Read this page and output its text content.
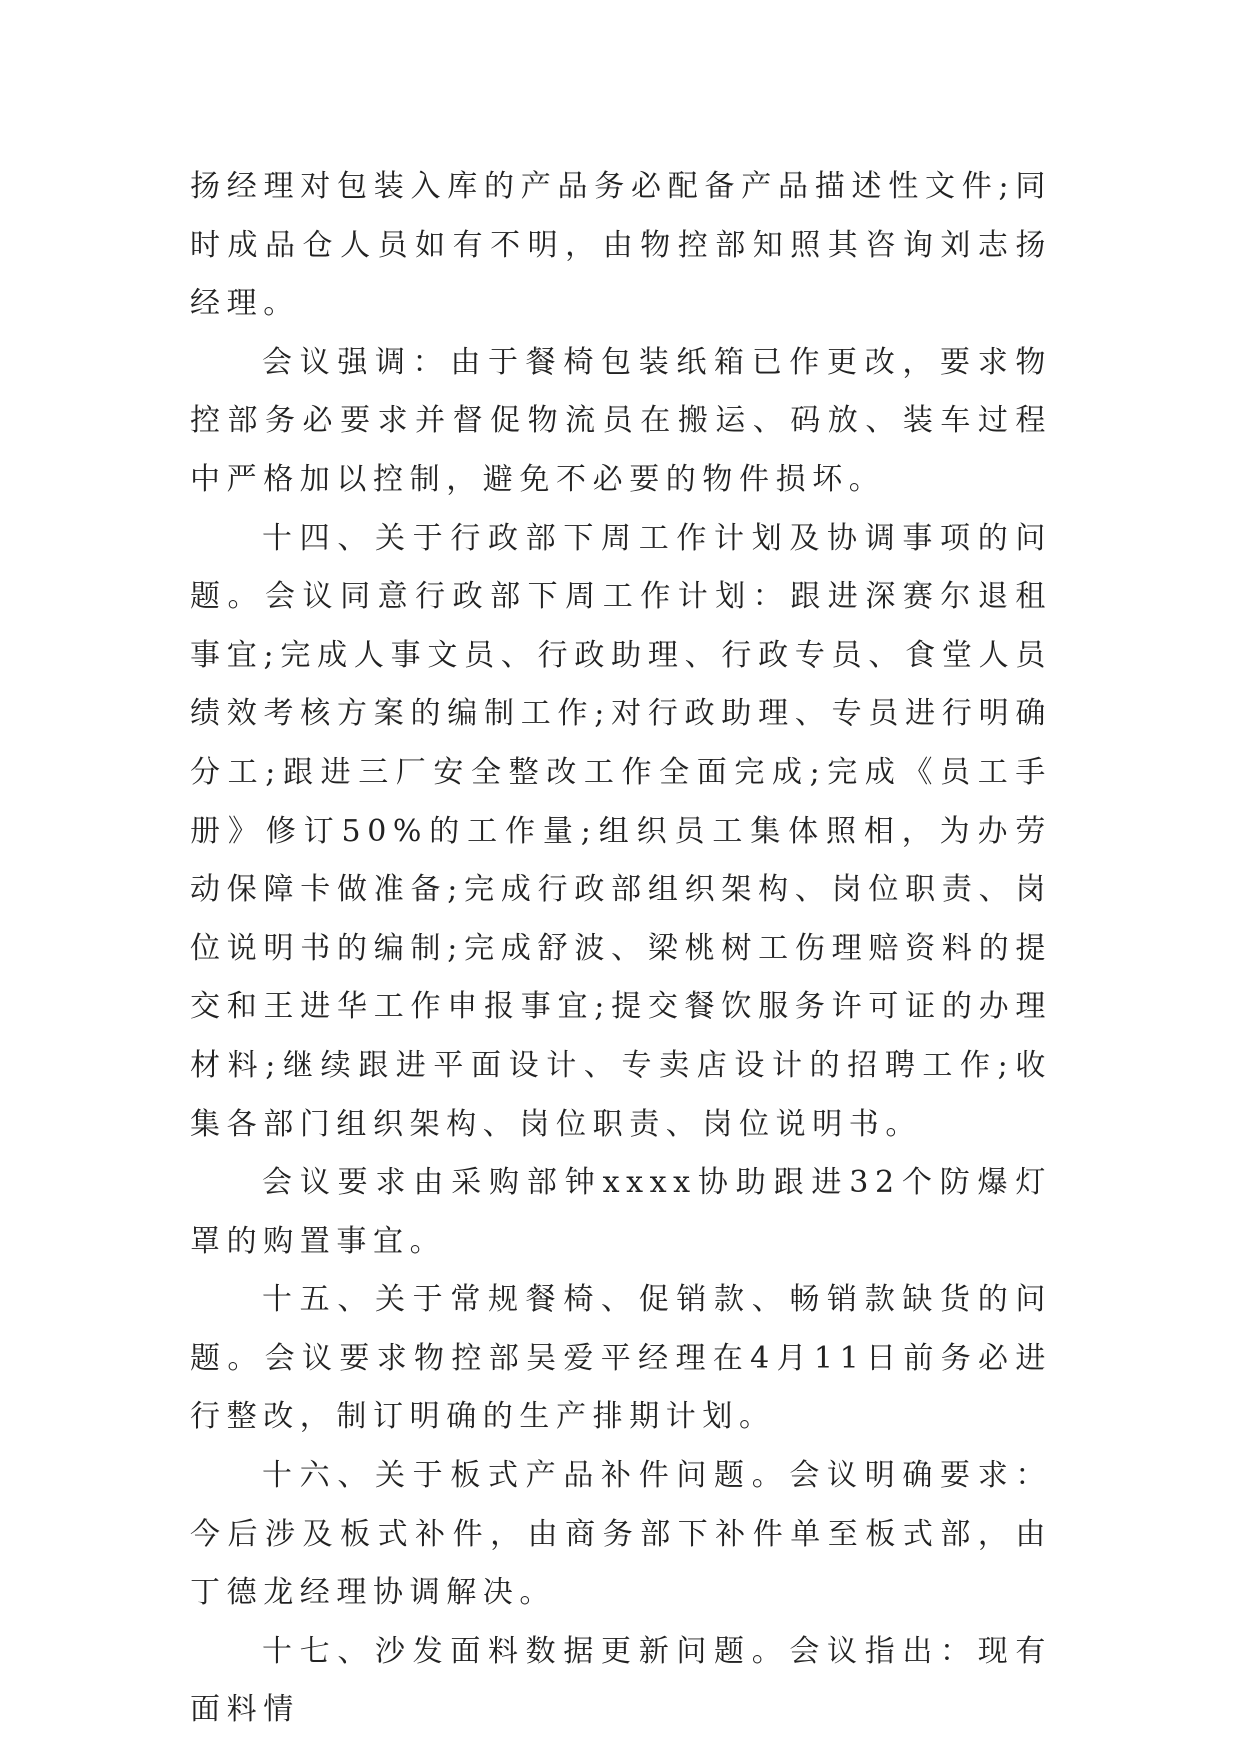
扬经理对包装入库的产品务必配备产品描述性文件;同时成品仓人员如有不明，由物控部知照其咨询刘志扬经理。

会议强调：由于餐椅包装纸箱已作更改，要求物控部务必要求并督促物流员在搬运、码放、装车过程中严格加以控制，避免不必要的物件损坏。

十四、关于行政部下周工作计划及协调事项的问题。会议同意行政部下周工作计划：跟进深赛尔退租事宜;完成人事文员、行政助理、行政专员、食堂人员绩效考核方案的编制工作;对行政助理、专员进行明确分工;跟进三厂安全整改工作全面完成;完成《员工手册》修订50%的工作量;组织员工集体照相，为办劳动保障卡做准备;完成行政部组织架构、岗位职责、岗位说明书的编制;完成舒波、梁桃树工伤理赔资料的提交和王进华工作申报事宜;提交餐饮服务许可证的办理材料;继续跟进平面设计、专卖店设计的招聘工作;收集各部门组织架构、岗位职责、岗位说明书。

会议要求由采购部钟xxxx协助跟进32个防爆灯罩的购置事宜。

十五、关于常规餐椅、促销款、畅销款缺货的问题。会议要求物控部吴爱平经理在4月11日前务必进行整改，制订明确的生产排期计划。

十六、关于板式产品补件问题。会议明确要求：今后涉及板式补件，由商务部下补件单至板式部，由丁德龙经理协调解决。

十七、沙发面料数据更新问题。会议指出：现有面料情
